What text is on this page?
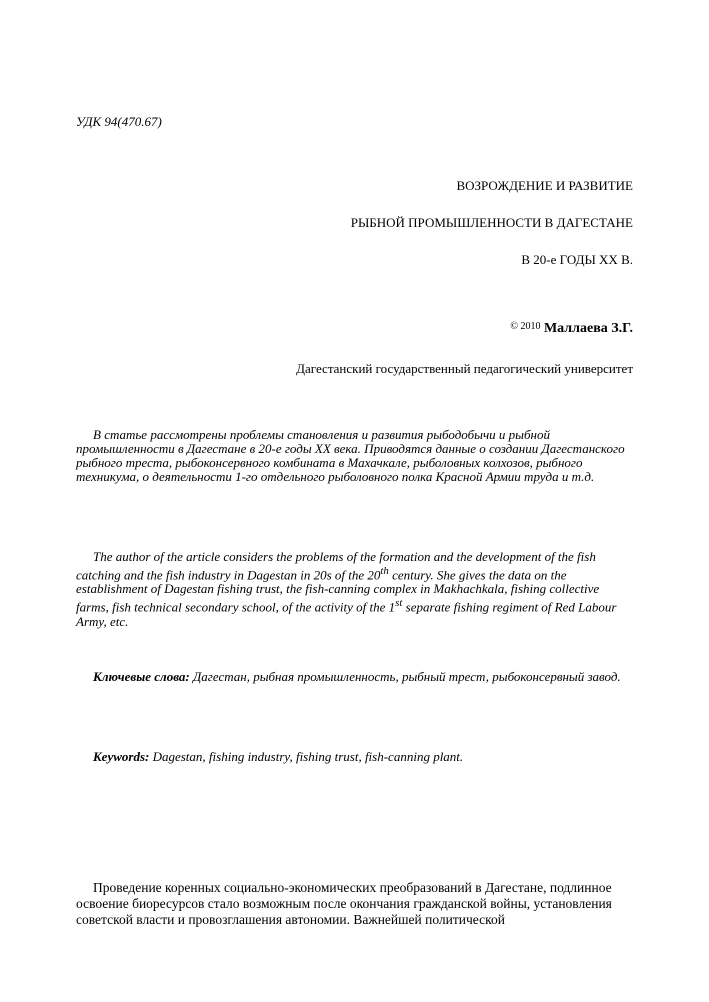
УДК 94(470.67)
ВОЗРОЖДЕНИЕ И РАЗВИТИЕ
РЫБНОЙ ПРОМЫШЛЕННОСТИ В ДАГЕСТАНЕ
В 20-е ГОДЫ ХХ В.
$^{© 2010}$ Маллаева З.Г.
Дагестанский государственный педагогический университет

В статье рассмотрены проблемы становления и развития рыбодобычи и рыбной промышленности в Дагестане в 20-е годы ХХ века. Приводятся данные о создании Дагестанского рыбного треста, рыбоконсервного комбината в Махачкале, рыболовных колхозов, рыбного техникума, о деятельности 1-го отдельного рыболовного полка Красной Армии труда и т.д.

The author of the article considers the problems of the formation and the development of the fish catching and the fish industry in Dagestan in 20s of the 20th century. She gives the data on the establishment of Dagestan fishing trust, the fish-canning complex in Makhachkala, fishing collective farms, fish technical secondary school, of the activity of the 1st separate fishing regiment of Red Labour Army, etc.

Ключевые слова: Дагестан, рыбная промышленность, рыбный трест, рыбоконсервный завод.

Keywords: Dagestan, fishing industry, fishing trust, fish-canning plant.

Проведение коренных социально-экономических преобразований в Дагестане, подлинное освоение биоресурсов стало возможным после окончания гражданской войны, установления советской власти и провозглашения автономии. Важнейшей политической
